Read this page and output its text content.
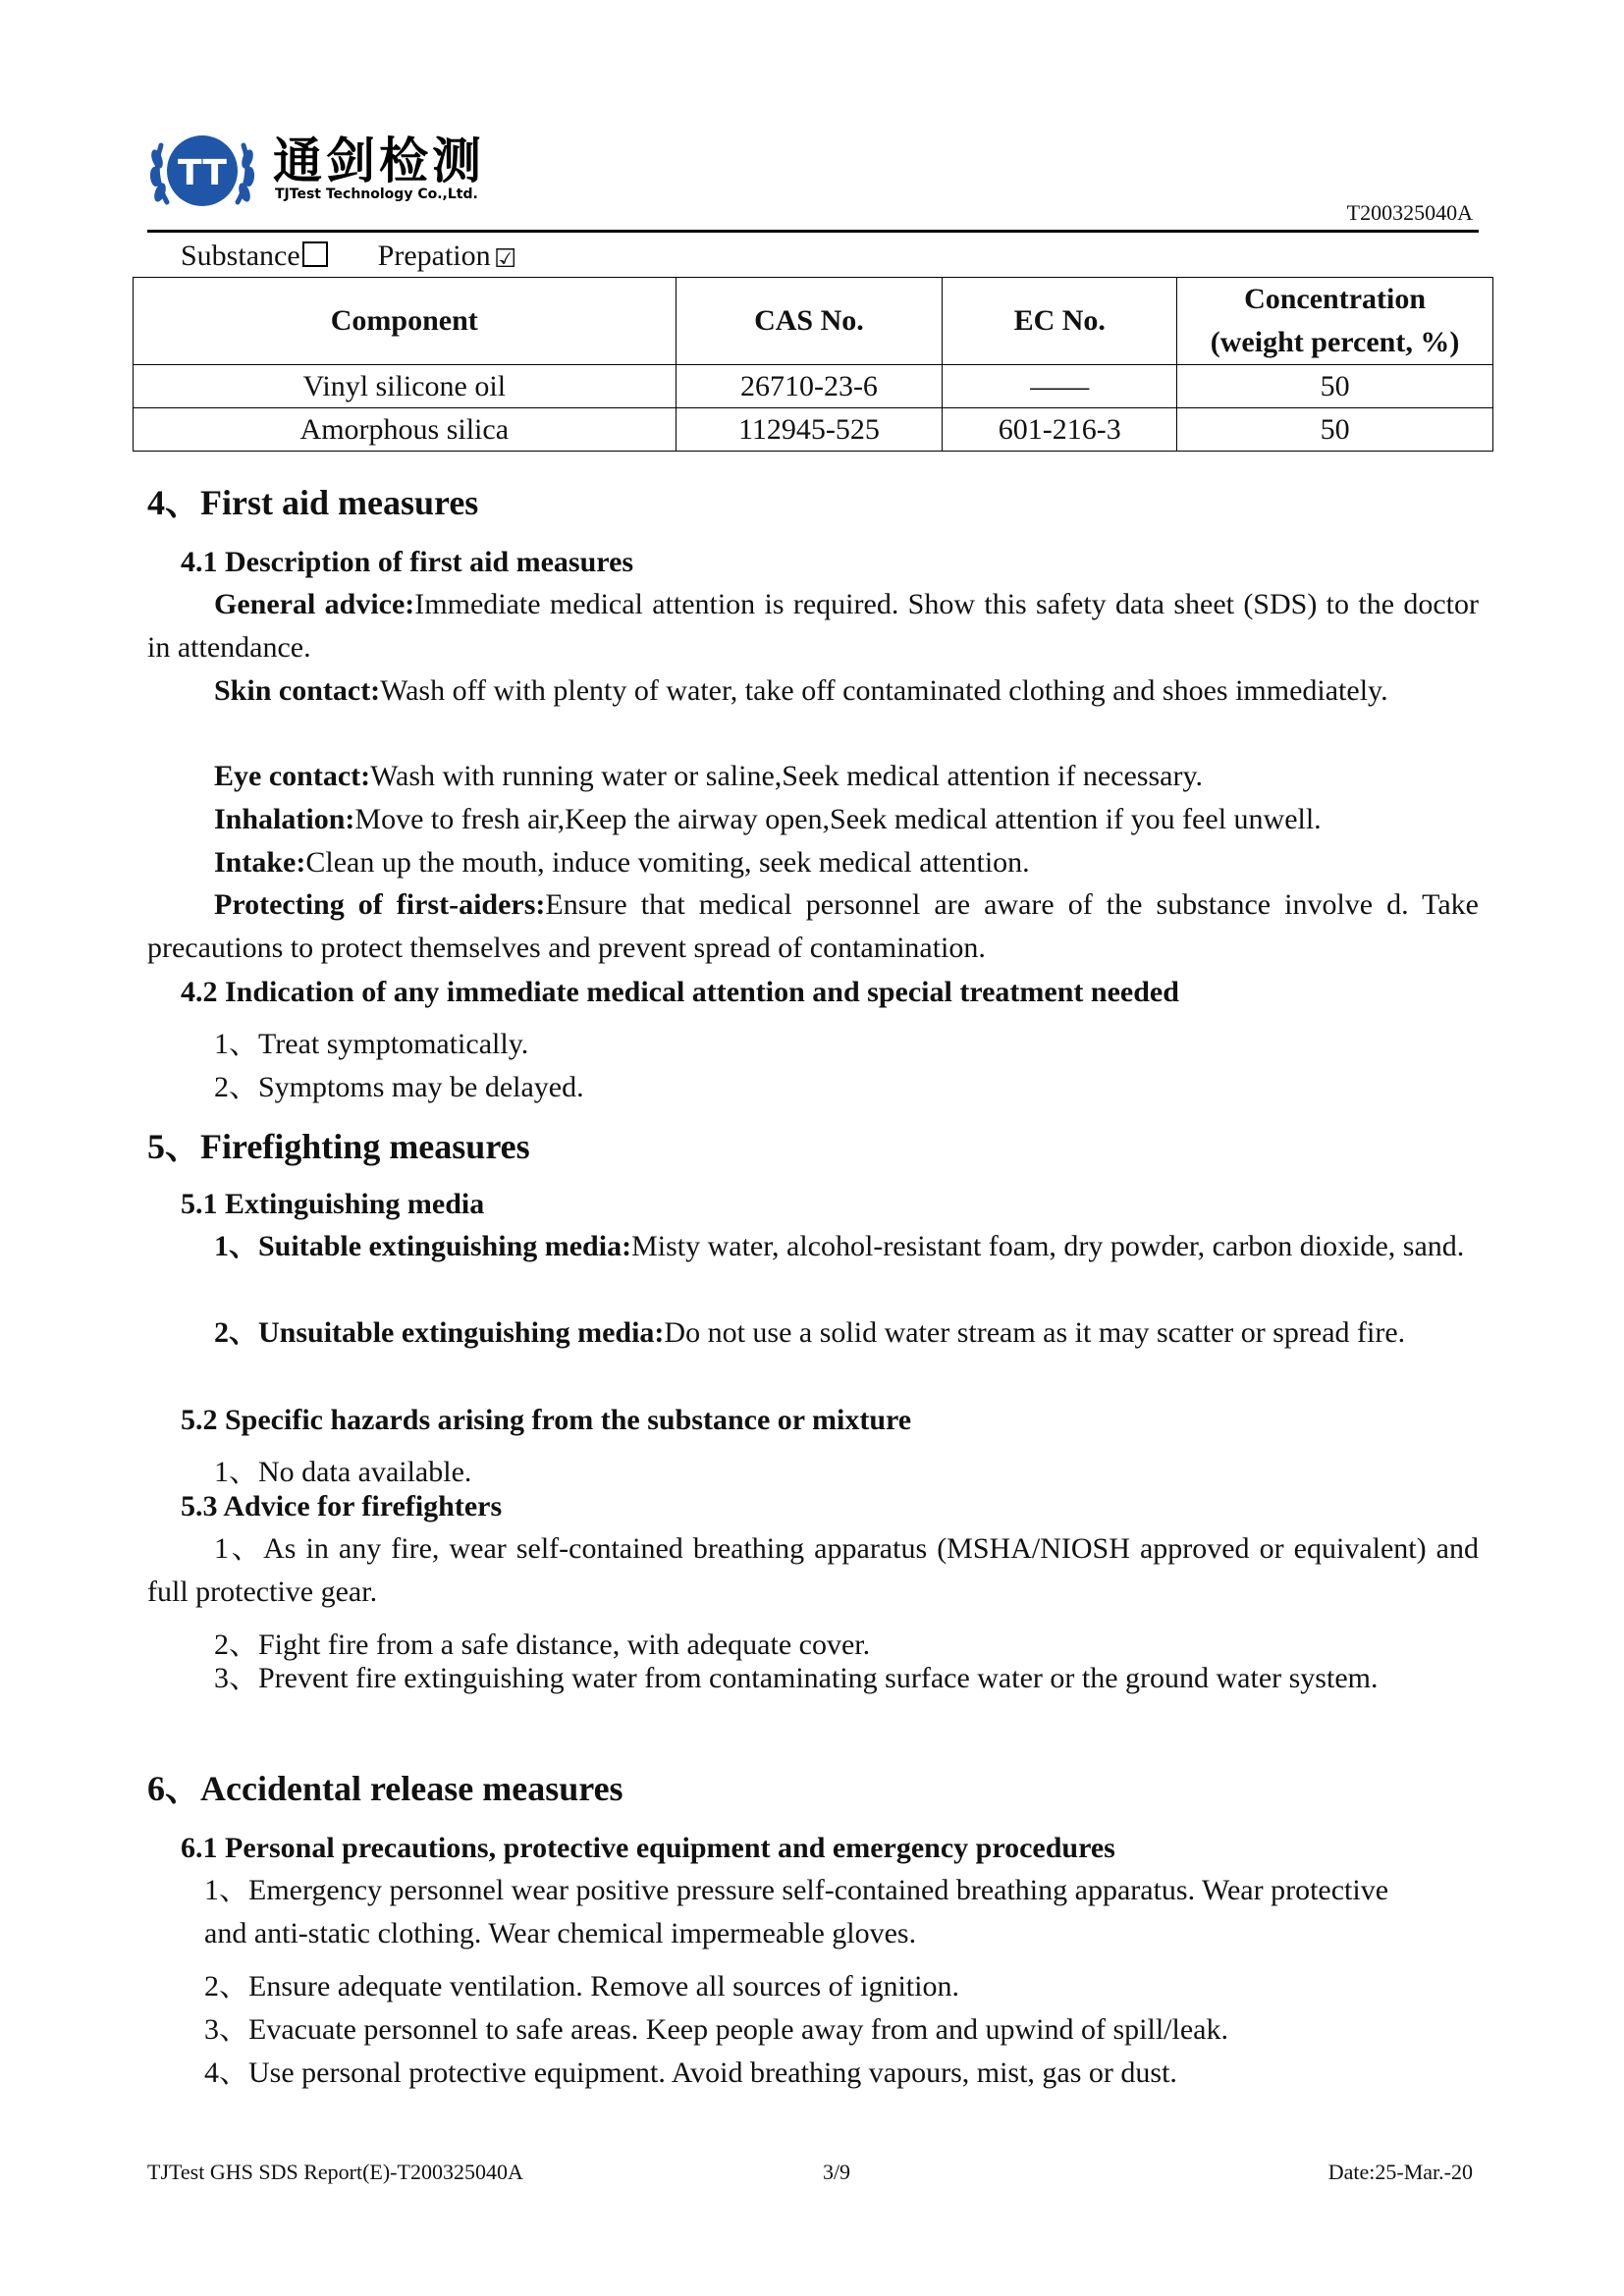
TT 通剑检测
TJTest Technology Co.,Ltd.
T200325040A
Substance	Prepation ☑
Component	CAS No.	EC No.	Concentration
(weight percent, %)
Vinyl silicone oil	26710-23-6	——	50
Amorphous silica	112945-525	601-216-3	50
4、First aid measures
4.1 Description of first aid measures
General advice:Immediate medical attention is required. Show this safety data sheet (SDS) to the doctor in attendance.
Skin contact:Wash off with plenty of water, take off contaminated clothing and shoes immediately.
Eye contact:Wash with running water or saline,Seek medical attention if necessary.
Inhalation:Move to fresh air,Keep the airway open,Seek medical attention if you feel unwell.
Intake:Clean up the mouth, induce vomiting, seek medical attention.
Protecting of first-aiders:Ensure that medical personnel are aware of the substance involve d. Take precautions to protect themselves and prevent spread of contamination.
4.2 Indication of any immediate medical attention and special treatment needed
1、Treat symptomatically.
2、Symptoms may be delayed.
5、Firefighting measures
5.1 Extinguishing media
1、Suitable extinguishing media:Misty water, alcohol-resistant foam, dry powder, carbon dioxide, sand.
2、Unsuitable extinguishing media:Do not use a solid water stream as it may scatter or spread fire.
5.2 Specific hazards arising from the substance or mixture
1、No data available.
5.3 Advice for firefighters
1、As in any fire, wear self-contained breathing apparatus (MSHA/NIOSH approved or equivalent) and full protective gear.
2、Fight fire from a safe distance, with adequate cover.
3、Prevent fire extinguishing water from contaminating surface water or the ground water system.
6、Accidental release measures
6.1 Personal precautions, protective equipment and emergency procedures
1、Emergency personnel wear positive pressure self-contained breathing apparatus. Wear protective and anti-static clothing. Wear chemical impermeable gloves.
2、Ensure adequate ventilation. Remove all sources of ignition.
3、Evacuate personnel to safe areas. Keep people away from and upwind of spill/leak.
4、Use personal protective equipment. Avoid breathing vapours, mist, gas or dust.
TJTest GHS SDS Report(E)-T200325040A	3/9	Date:25-Mar.-20
